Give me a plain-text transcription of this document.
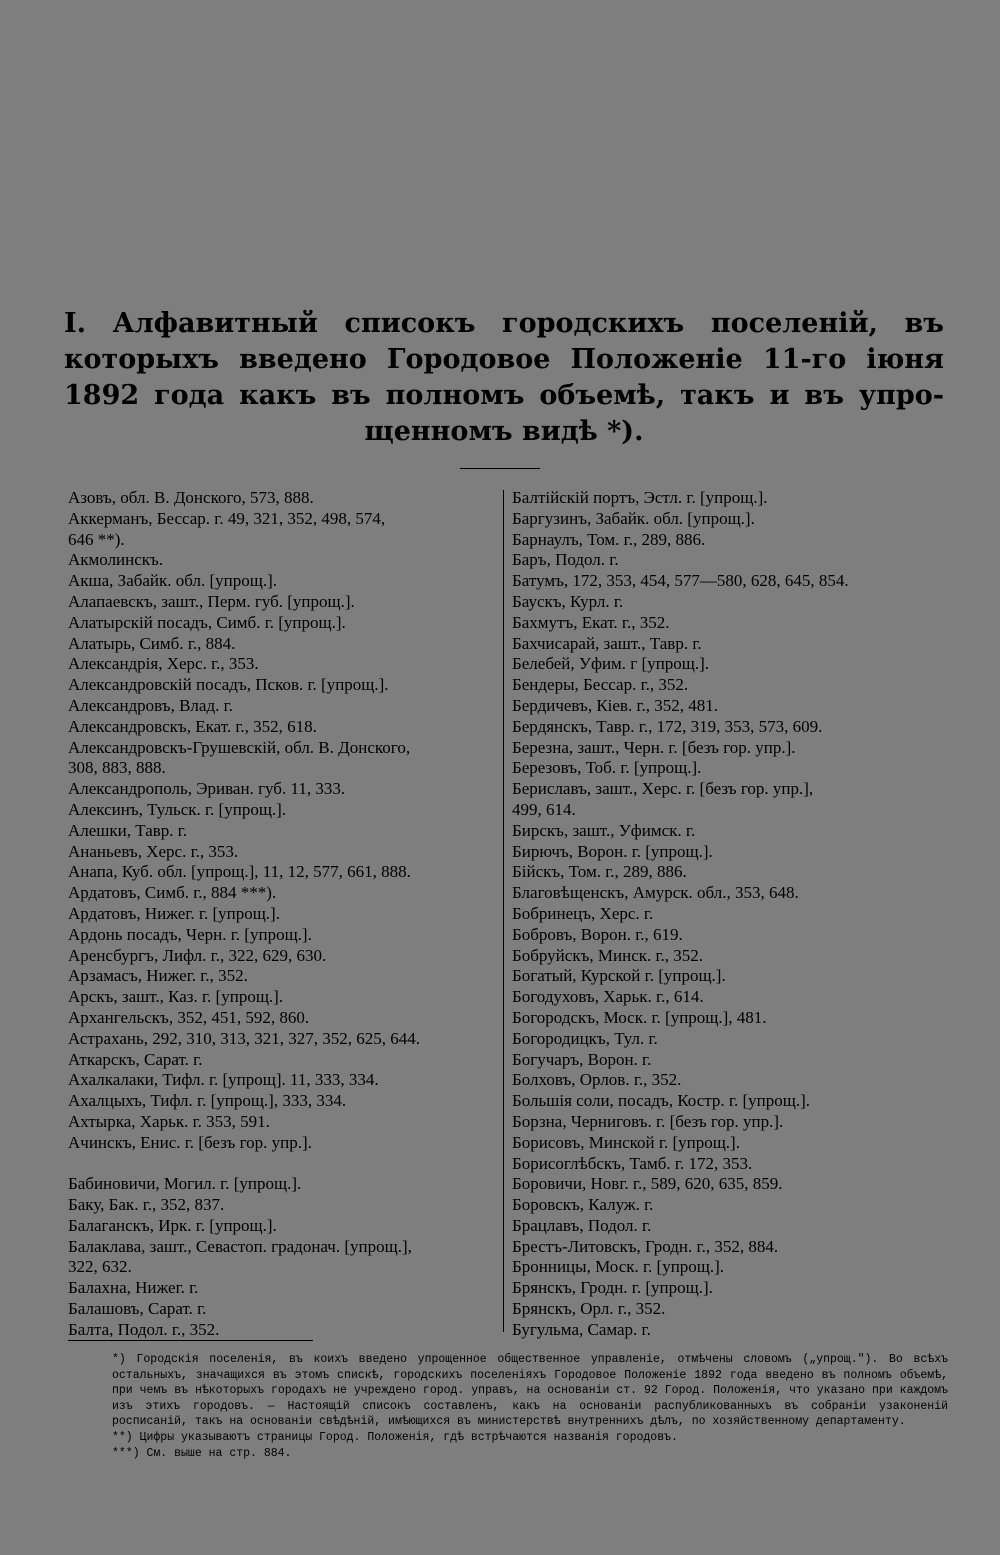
I. Алфавитный списокъ городскихъ поселеній, въ
которыхъ введено Городовое Положеніе 11-го іюня
1892 года какъ въ полномъ объемѣ, такъ и въ упро-

щенномъ видѣ *).
Азовъ, обл. В. Донского, 573, 888.
Аккерманъ, Бессар. г. 49, 321, 352, 498, 574,
646 **).
Акмолинскъ.
Акша, Забайк. обл. [упрощ.].
Алапаевскъ, зашт., Перм. губ. [упрощ.].
Алатырскій посадъ, Симб. г. [упрощ.].
Алатырь, Симб. г., 884.
Александрія, Херс. г., 353.
Александровскій посадъ, Псков. г. [упрощ.].
Александровъ, Влад. г.
Александровскъ, Екат. г., 352, 618.
Александровскъ-Грушевскій, обл. В. Донского,
308, 883, 888.
Александрополь, Эриван. губ. 11, 333.
Алексинъ, Тульск. г. [упрощ.].
Алешки, Тавр. г.
Ананьевъ, Херс. г., 353.
Анапа, Куб. обл. [упрощ.], 11, 12, 577, 661, 888.
Ардатовъ, Симб. г., 884 ***).
Ардатовъ, Нижег. г. [упрощ.].
Ардонь посадъ, Черн. г. [упрощ.].
Аренсбургъ, Лифл. г., 322, 629, 630.
Арзамасъ, Нижег. г., 352.
Арскъ, зашт., Каз. г. [упрощ.].
Архангельскъ, 352, 451, 592, 860.
Астрахань, 292, 310, 313, 321, 327, 352, 625, 644.
Аткарскъ, Сарат. г.
Ахалкалаки, Тифл. г. [упрощ]. 11, 333, 334.
Ахалцыхъ, Тифл. г. [упрощ.], 333, 334.
Ахтырка, Харьк. г. 353, 591.
Ачинскъ, Енис. г. [безъ гор. упр.].
Бабиновичи, Могил. г. [упрощ.].
Баку, Бак. г., 352, 837.
Балаганскъ, Ирк. г. [упрощ.].
Балаклава, зашт., Севастоп. градонач. [упрощ.],
322, 632.
Балахна, Нижег. г.
Балашовъ, Сарат. г.
Балта, Подол. г., 352.
Балтійскій портъ, Эстл. г. [упрощ.].
Баргузинъ, Забайк. обл. [упрощ.].
Барнаулъ, Том. г., 289, 886.
Баръ, Подол. г.
Батумъ, 172, 353, 454, 577—580, 628, 645, 854.
Баускъ, Курл. г.
Бахмутъ, Екат. г., 352.
Бахчисарай, зашт., Тавр. г.
Белебей, Уфим. г [упрощ.].
Бендеры, Бессар. г., 352.
Бердичевъ, Кіев. г., 352, 481.
Бердянскъ, Тавр. г., 172, 319, 353, 573, 609.
Березна, зашт., Черн. г. [безъ гор. упр.].
Березовъ, Тоб. г. [упрощ.].
Бериславъ, зашт., Херс. г. [безъ гор. упр.],
499, 614.
Бирскъ, зашт., Уфимск. г.
Бирючъ, Ворон. г. [упрощ.].
Бійскъ, Том. г., 289, 886.
Благовѣщенскъ, Амурск. обл., 353, 648.
Бобринецъ, Херс. г.
Бобровъ, Ворон. г., 619.
Бобруйскъ, Минск. г., 352.
Богатый, Курской г. [упрощ.].
Богодуховъ, Харьк. г., 614.
Богородскъ, Моск. г. [упрощ.], 481.
Богородицкъ, Тул. г.
Богучаръ, Ворон. г.
Болховъ, Орлов. г., 352.
Большія соли, посадъ, Костр. г. [упрощ.].
Борзна, Черниговъ. г. [безъ гор. упр.].
Борисовъ, Минской г. [упрощ.].
Борисоглѣбскъ, Тамб. г. 172, 353.
Боровичи, Новг. г., 589, 620, 635, 859.
Боровскъ, Калуж. г.
Брацлавъ, Подол. г.
Брестъ-Литовскъ, Гродн. г., 352, 884.
Бронницы, Моск. г. [упрощ.].
Брянскъ, Гродн. г. [упрощ.].
Брянскъ, Орл. г., 352.
Бугульма, Самар. г.

*) Городскія поселенія, въ коихъ введено упрощенное общественное управленіе, отмѣчены словомъ („упрощ."). Во всѣхъ остальныхъ, значащихся въ этомъ спискѣ, городскихъ поселеніяхъ Городовое Положеніе 1892 года введено въ полномъ объемѣ, при чемъ въ нѣкоторыхъ городахъ не учреждено город. управъ, на основаніи ст. 92 Город. Положенія, что указано при каждомъ изъ этихъ городовъ. — Настоящій списокъ составленъ, какъ на основаніи распубликованныхъ въ собраніи узаконеній росписаній, такъ на основаніи свѣдѣній, имѣющихся въ министерствѣ внутреннихъ дѣлъ, по хозяйственному департаменту.

**) Цифры указываютъ страницы Город. Положенія, гдѣ встрѣчаются названія городовъ.

***) См. выше на стр. 884.
